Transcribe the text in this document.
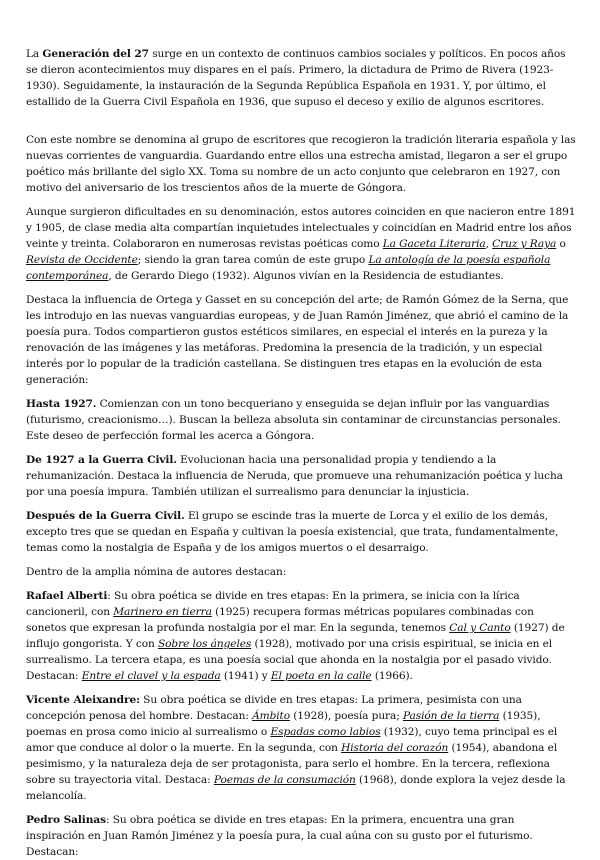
La Generación del 27 surge en un contexto de continuos cambios sociales y políticos. En pocos años se dieron acontecimientos muy dispares en el país. Primero, la dictadura de Primo de Rivera (1923-1930). Seguidamente, la instauración de la Segunda República Española en 1931. Y, por último, el estallido de la Guerra Civil Española en 1936, que supuso el deceso y exilio de algunos escritores.

Con este nombre se denomina al grupo de escritores que recogieron la tradición literaria española y las nuevas corrientes de vanguardia. Guardando entre ellos una estrecha amistad, llegaron a ser el grupo poético más brillante del siglo XX. Toma su nombre de un acto conjunto que celebraron en 1927, con motivo del aniversario de los trescientos años de la muerte de Góngora.

Aunque surgieron dificultades en su denominación, estos autores coinciden en que nacieron entre 1891 y 1905, de clase media alta compartían inquietudes intelectuales y coincidían en Madrid entre los años veinte y treinta. Colaboraron en numerosas revistas poéticas como La Gaceta Literaria, Cruz y Raya o Revista de Occidente; siendo la gran tarea común de este grupo La antología de la poesía española contemporánea, de Gerardo Diego (1932). Algunos vivían en la Residencia de estudiantes.

Destaca la influencia de Ortega y Gasset en su concepción del arte; de Ramón Gómez de la Serna, que les introdujo en las nuevas vanguardias europeas, y de Juan Ramón Jiménez, que abrió el camino de la poesía pura. Todos compartieron gustos estéticos similares, en especial el interés en la pureza y la renovación de las imágenes y las metáforas. Predomina la presencia de la tradición, y un especial interés por lo popular de la tradición castellana. Se distinguen tres etapas en la evolución de esta generación:

Hasta 1927. Comienzan con un tono becqueriano y enseguida se dejan influir por las vanguardias (futurismo, creacionismo…). Buscan la belleza absoluta sin contaminar de circunstancias personales. Este deseo de perfección formal les acerca a Góngora.

De 1927 a la Guerra Civil. Evolucionan hacia una personalidad propia y tendiendo a la rehumanización. Destaca la influencia de Neruda, que promueve una rehumanización poética y lucha por una poesía impura. También utilizan el surrealismo para denunciar la injusticia.

Después de la Guerra Civil. El grupo se escinde tras la muerte de Lorca y el exilio de los demás, excepto tres que se quedan en España y cultivan la poesía existencial, que trata, fundamentalmente, temas como la nostalgia de España y de los amigos muertos o el desarraigo.

Dentro de la amplia nómina de autores destacan:

Rafael Alberti: Su obra poética se divide en tres etapas: En la primera, se inicia con la lírica cancioneril, con Marinero en tierra (1925) recupera formas métricas populares combinadas con sonetos que expresan la profunda nostalgia por el mar. En la segunda, tenemos Cal y Canto (1927) de influjo gongorista. Y con Sobre los ángeles (1928), motivado por una crisis espiritual, se inicia en el surrealismo. La tercera etapa, es una poesía social que ahonda en la nostalgia por el pasado vivido. Destacan: Entre el clavel y la espada (1941) y El poeta en la calle (1966).

Vicente Aleixandre: Su obra poética se divide en tres etapas: La primera, pesimista con una concepción penosa del hombre. Destacan: Ámbito (1928), poesía pura; Pasión de la tierra (1935), poemas en prosa como inicio al surrealismo o Espadas como labios (1932), cuyo tema principal es el amor que conduce al dolor o la muerte. En la segunda, con Historia del corazón (1954), abandona el pesimismo, y la naturaleza deja de ser protagonista, para serlo el hombre. En la tercera, reflexiona sobre su trayectoria vital. Destaca: Poemas de la consumación (1968), donde explora la vejez desde la melancolía.

Pedro Salinas: Su obra poética se divide en tres etapas: En la primera, encuentra una gran inspiración en Juan Ramón Jiménez y la poesía pura, la cual aúna con su gusto por el futurismo. Destacan:
